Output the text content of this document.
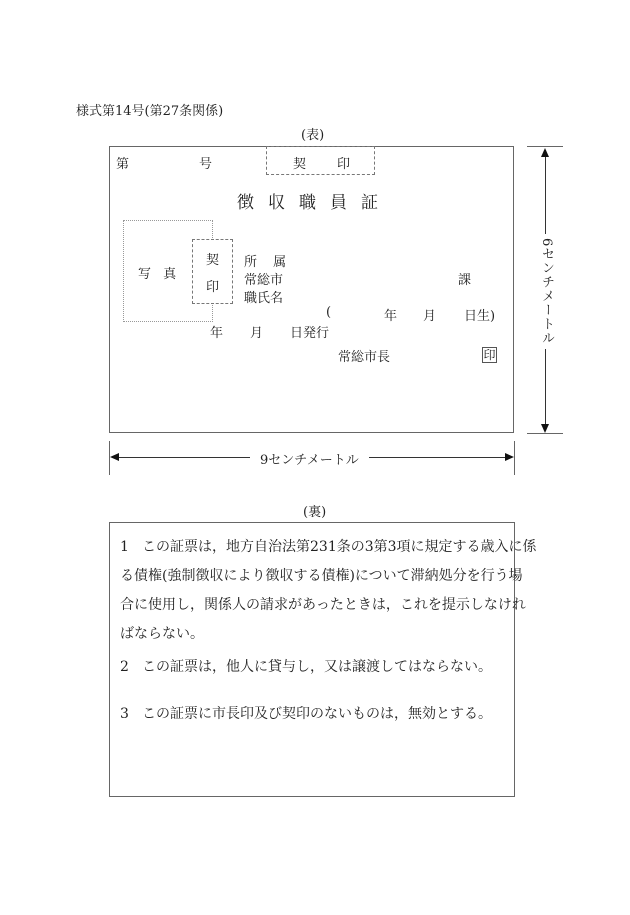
様式第14号(第27条関係)
(表)
第	号	契 印
徴収職員証
写 真
契
印
所 属
常総市	課
職氏名
(	年 月 日生)
年 月 日発行
常総市長	印
6センチメートル
9センチメートル
(裏)
1 この証票は，地方自治法第231条の3第3項に規定する歳入に係
る債権(強制徴収により徴収する債権)について滞納処分を行う場
合に使用し，関係人の請求があったときは，これを提示しなけれ
ばならない。
2 この証票は，他人に貸与し，又は譲渡してはならない。
3 この証票に市長印及び契印のないものは，無効とする。
